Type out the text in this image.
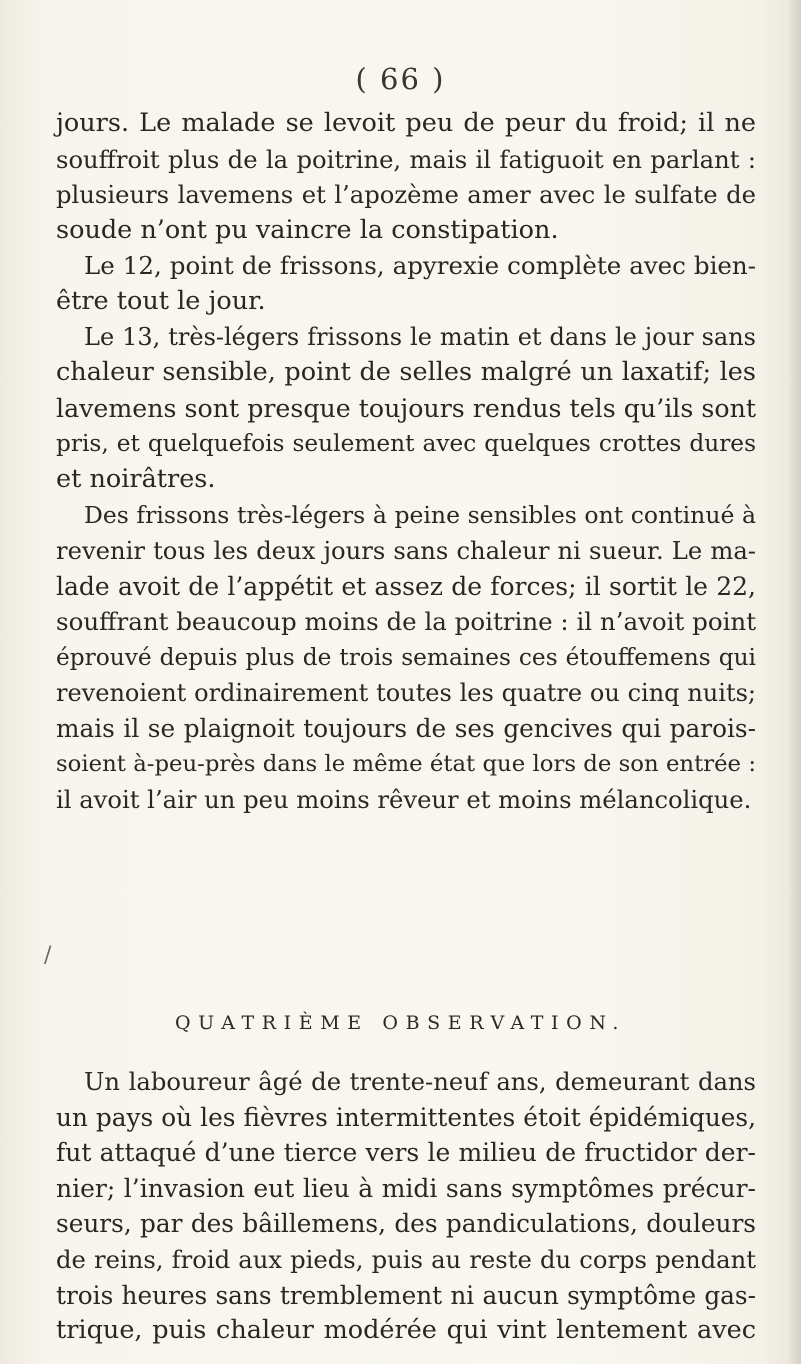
( 66 )

jours. Le malade se levoit peu de peur du froid; il ne
souffroit plus de la poitrine, mais il fatiguoit en parlant :
plusieurs lavemens et l’apozème amer avec le sulfate de
soude n’ont pu vaincre la constipation.

Le 12, point de frissons, apyrexie complète avec bien-
être tout le jour.

Le 13, très-légers frissons le matin et dans le jour sans
chaleur sensible, point de selles malgré un laxatif; les
lavemens sont presque toujours rendus tels qu’ils sont
pris, et quelquefois seulement avec quelques crottes dures
et noirâtres.

Des frissons très-légers à peine sensibles ont continué à
revenir tous les deux jours sans chaleur ni sueur. Le ma-
lade avoit de l’appétit et assez de forces; il sortit le 22,
souffrant beaucoup moins de la poitrine : il n’avoit point
éprouvé depuis plus de trois semaines ces étouffemens qui
revenoient ordinairement toutes les quatre ou cinq nuits;
mais il se plaignoit toujours de ses gencives qui parois-
soient à-peu-près dans le même état que lors de son entrée :
il avoit l’air un peu moins rêveur et moins mélancolique.

/
QUATRIÈME OBSERVATION.

Un laboureur âgé de trente-neuf ans, demeurant dans
un pays où les fièvres intermittentes étoit épidémiques,
fut attaqué d’une tierce vers le milieu de fructidor der-
nier; l’invasion eut lieu à midi sans symptômes précur-
seurs, par des bâillemens, des pandiculations, douleurs
de reins, froid aux pieds, puis au reste du corps pendant
trois heures sans tremblement ni aucun symptôme gas-
trique, puis chaleur modérée qui vint lentement avec
